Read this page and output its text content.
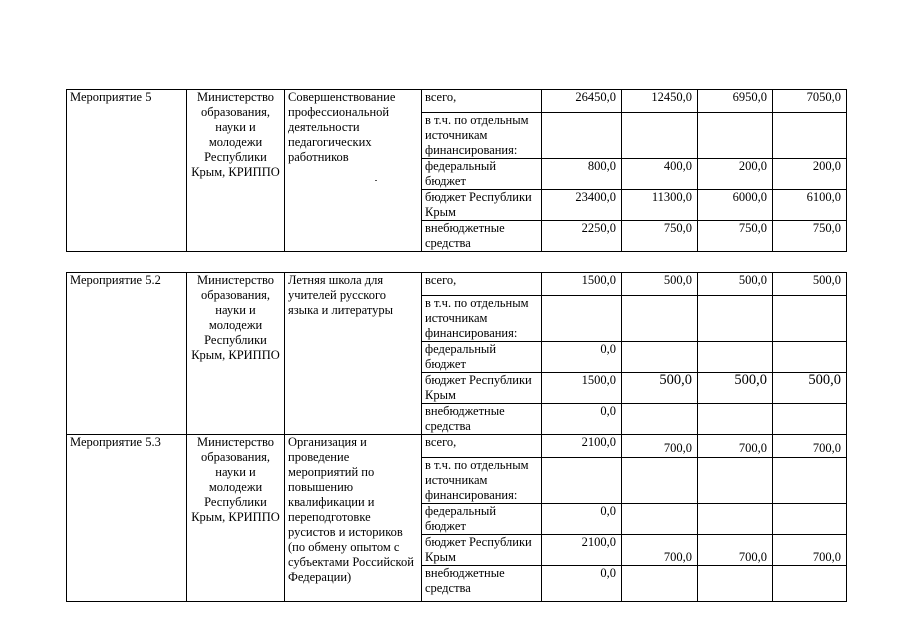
Мероприятие 5	Министерство образования, науки и молодежи Республики Крым, КРИППО	Совершенствование профессиональной деятельности педагогических работников	всего,	26450,0	12450,0	6950,0	7050,0
			в т.ч. по отдельным источникам финансирования:				
			федеральный бюджет	800,0	400,0	200,0	200,0
			бюджет Республики Крым	23400,0	11300,0	6000,0	6100,0
			внебюджетные средства	2250,0	750,0	750,0	750,0
Мероприятие 5.2	Министерство образования, науки и молодежи Республики Крым, КРИППО	Летняя школа для учителей русского языка и литературы	всего,	1500,0	500,0	500,0	500,0
			в т.ч. по отдельным источникам финансирования:				
			федеральный бюджет	0,0			
			бюджет Республики Крым	1500,0	500,0	500,0	500,0
			внебюджетные средства	0,0			
Мероприятие 5.3	Министерство образования, науки и молодежи Республики Крым, КРИППО	Организация и проведение мероприятий по повышению квалификации и переподготовке русистов и историков (по обмену опытом с субъектами Российской Федерации)	всего,	2100,0	700,0	700,0	700,0
			в т.ч. по отдельным источникам финансирования:				
			федеральный бюджет	0,0			
			бюджет Республики Крым	2100,0	700,0	700,0	700,0
			внебюджетные средства	0,0			
